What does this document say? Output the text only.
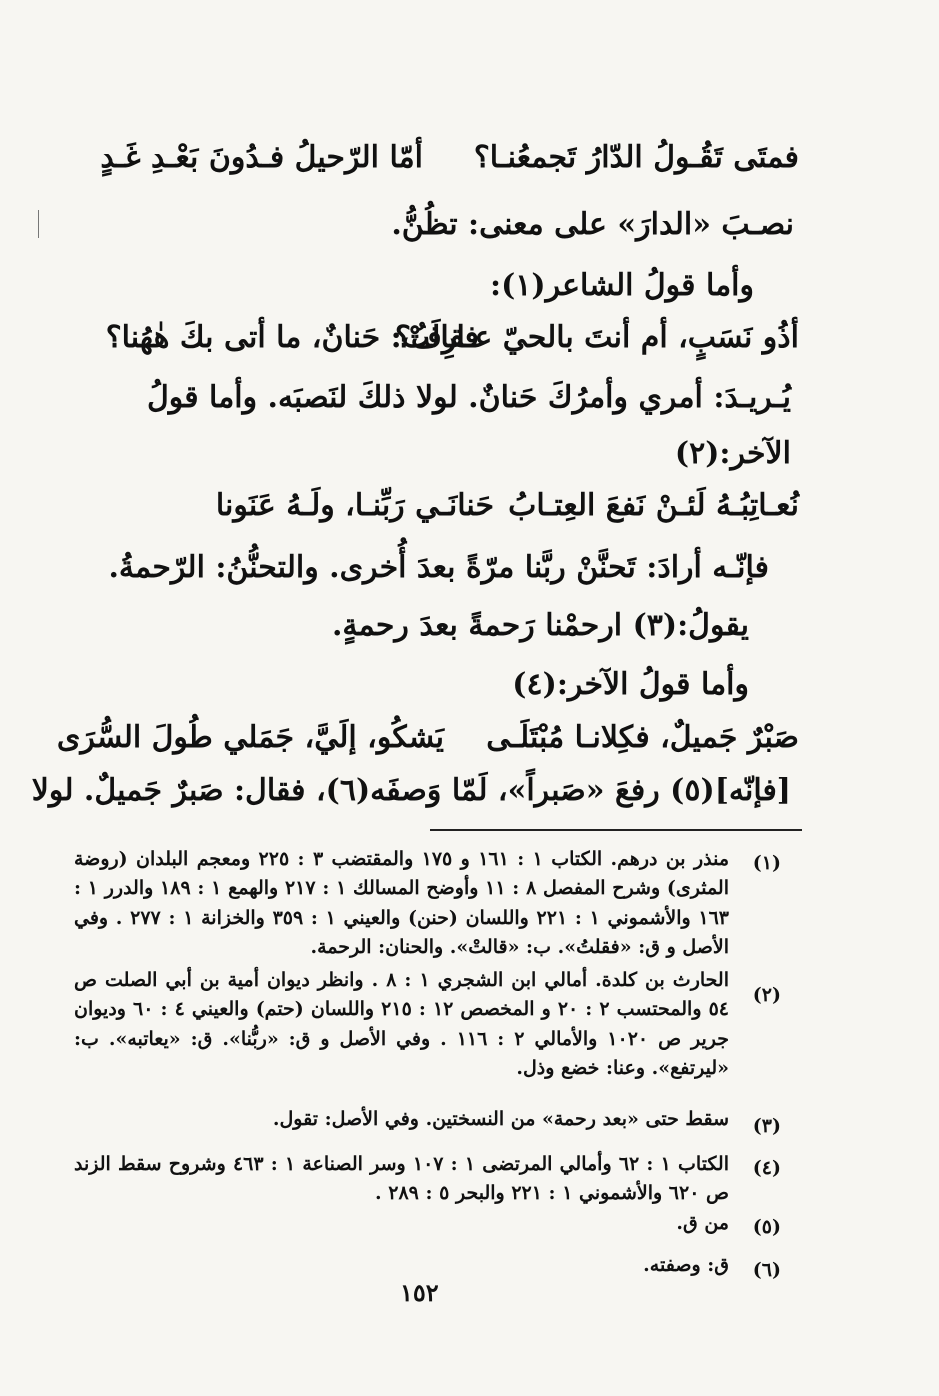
أمّا الرّحيلُ فـدُونَ بَعْـدِ غَـدٍ فمتَى تَقُـولُ الدّارُ تَجمعُنـا؟
نصـبَ «الدارَ» على معنى: تظُنُّ.
وأما قولُ الشاعر(١):
فقالَتْ: حَنانٌ، ما أتى بكَ هٰهُنا؟
أذُو نَسَبٍ، أم أنتَ بالحيّ عـارِفُ؟
يُـريـدَ: أمري وأمرُكَ حَنانٌ. لولا ذلكَ لنَصبَه. وأما قولُ
الآخر:(٢)
حَنانَـي رَبِّنـا، ولَـهُ عَنَونا نُعـاتِبُـهُ لَئـنْ نَفعَ العِتـابُ
فإنّـه أرادَ: تَحنَّنْ ربَّنا مرّةً بعدَ أُخرى. والتحنُّنُ: الرّحمةُ.
يقولُ:(٣) ارحمْنا رَحمةً بعدَ رحمةٍ.
وأما قولُ الآخر:(٤)
يَشكُو، إلَيَّ، جَمَلي طُولَ السُّرَى صَبْرٌ جَميلٌ، فكِلانـا مُبْتَلَـى
[فإنّه](٥) رفعَ «صَبراً»، لَمّا وَصفَه(٦)، فقال: صَبرٌ جَميلٌ. لولا
(١)
منذر بن درهم. الكتاب ١ : ١٦١ و ١٧٥ والمقتضب ٣ : ٢٢٥ ومعجم البلدان (روضة المثرى) وشرح المفصل ٨ : ١١ وأوضح المسالك ١ : ٢١٧ والهمع ١ : ١٨٩ والدرر ١ : ١٦٣ والأشموني ١ : ٢٢١ واللسان (حنن) والعيني ١ : ٣٥٩ والخزانة ١ : ٢٧٧ . وفي الأصل و ق: «فقلتُ». ب: «قالتْ». والحنان: الرحمة.
(٢)
الحارث بن كلدة. أمالي ابن الشجري ١ : ٨ . وانظر ديوان أمية بن أبي الصلت ص ٥٤ والمحتسب ٢ : ٢٠ و المخصص ١٢ : ٢١٥ واللسان (حتم) والعيني ٤ : ٦٠ وديوان جرير ص ١٠٢٠ والأمالي ٢ : ١١٦ . وفي الأصل و ق: «ربُّنا». ق: «يعاتبه». ب: «ليرتفع». وعنا: خضع وذل.
(٣)
سقط حتى «بعد رحمة» من النسختين. وفي الأصل: تقول.
(٤)
الكتاب ١ : ٦٢ وأمالي المرتضى ١ : ١٠٧ وسر الصناعة ١ : ٤٦٣ وشروح سقط الزند ص ٦٢٠ والأشموني ١ : ٢٢١ والبحر ٥ : ٢٨٩ .
(٥)
من ق.
(٦)
ق: وصفته.
١٥٢
